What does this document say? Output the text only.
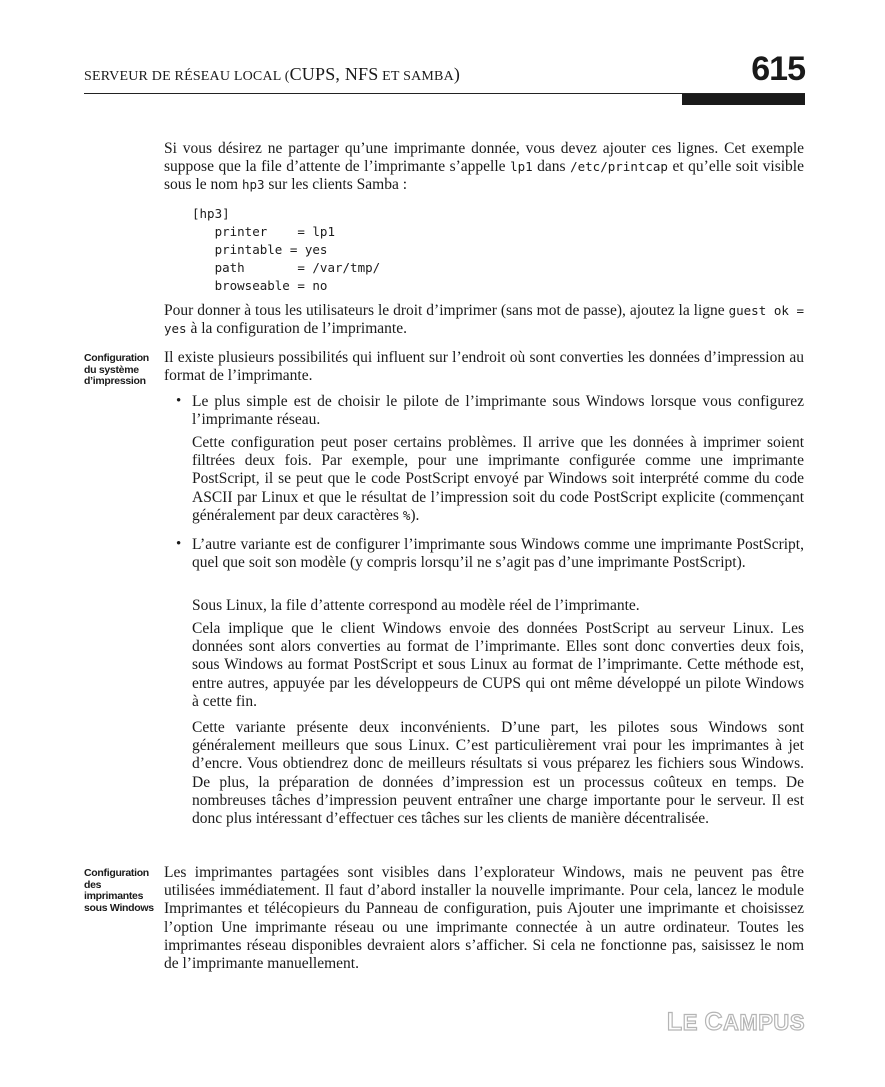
SERVEUR DE RÉSEAU LOCAL (CUPS, NFS ET SAMBA)	615
Si vous désirez ne partager qu’une imprimante donnée, vous devez ajouter ces lignes. Cet exemple suppose que la file d’attente de l’imprimante s’appelle lp1 dans /etc/printcap et qu’elle soit visible sous le nom hp3 sur les clients Samba :
[hp3]
printer    = lp1
printable = yes
path       = /var/tmp/
browseable = no
Pour donner à tous les utilisateurs le droit d’imprimer (sans mot de passe), ajoutez la ligne guest ok = yes à la configuration de l’imprimante.
Configuration du système d’impression
Il existe plusieurs possibilités qui influent sur l’endroit où sont converties les données d’impression au format de l’imprimante.
• Le plus simple est de choisir le pilote de l’imprimante sous Windows lorsque vous configurez l’imprimante réseau.
Cette configuration peut poser certains problèmes. Il arrive que les données à imprimer soient filtrées deux fois. Par exemple, pour une imprimante configurée comme une imprimante PostScript, il se peut que le code PostScript envoyé par Windows soit interprété comme du code ASCII par Linux et que le résultat de l’impression soit du code PostScript explicite (commençant généralement par deux caractères %).
• L’autre variante est de configurer l’imprimante sous Windows comme une imprimante PostScript, quel que soit son modèle (y compris lorsqu’il ne s’agit pas d’une imprimante PostScript).
Sous Linux, la file d’attente correspond au modèle réel de l’imprimante.
Cela implique que le client Windows envoie des données PostScript au serveur Linux. Les données sont alors converties au format de l’imprimante. Elles sont donc converties deux fois, sous Windows au format PostScript et sous Linux au format de l’imprimante. Cette méthode est, entre autres, appuyée par les développeurs de CUPS qui ont même développé un pilote Windows à cette fin.
Cette variante présente deux inconvénients. D’une part, les pilotes sous Windows sont généralement meilleurs que sous Linux. C’est particulièrement vrai pour les imprimantes à jet d’encre. Vous obtiendrez donc de meilleurs résultats si vous préparez les fichiers sous Windows. De plus, la préparation de données d’impression est un processus coûteux en temps. De nombreuses tâches d’impression peuvent entraîner une charge importante pour le serveur. Il est donc plus intéressant d’effectuer ces tâches sur les clients de manière décentralisée.
Configuration des imprimantes sous Windows
Les imprimantes partagées sont visibles dans l’explorateur Windows, mais ne peuvent pas être utilisées immédiatement. Il faut d’abord installer la nouvelle imprimante. Pour cela, lancez le module Imprimantes et télécopieurs du Panneau de configuration, puis Ajouter une imprimante et choisissez l’option Une imprimante réseau ou une imprimante connectée à un autre ordinateur. Toutes les imprimantes réseau disponibles devraient alors s’afficher. Si cela ne fonctionne pas, saisissez le nom de l’imprimante manuellement.
LE CAMPUS
